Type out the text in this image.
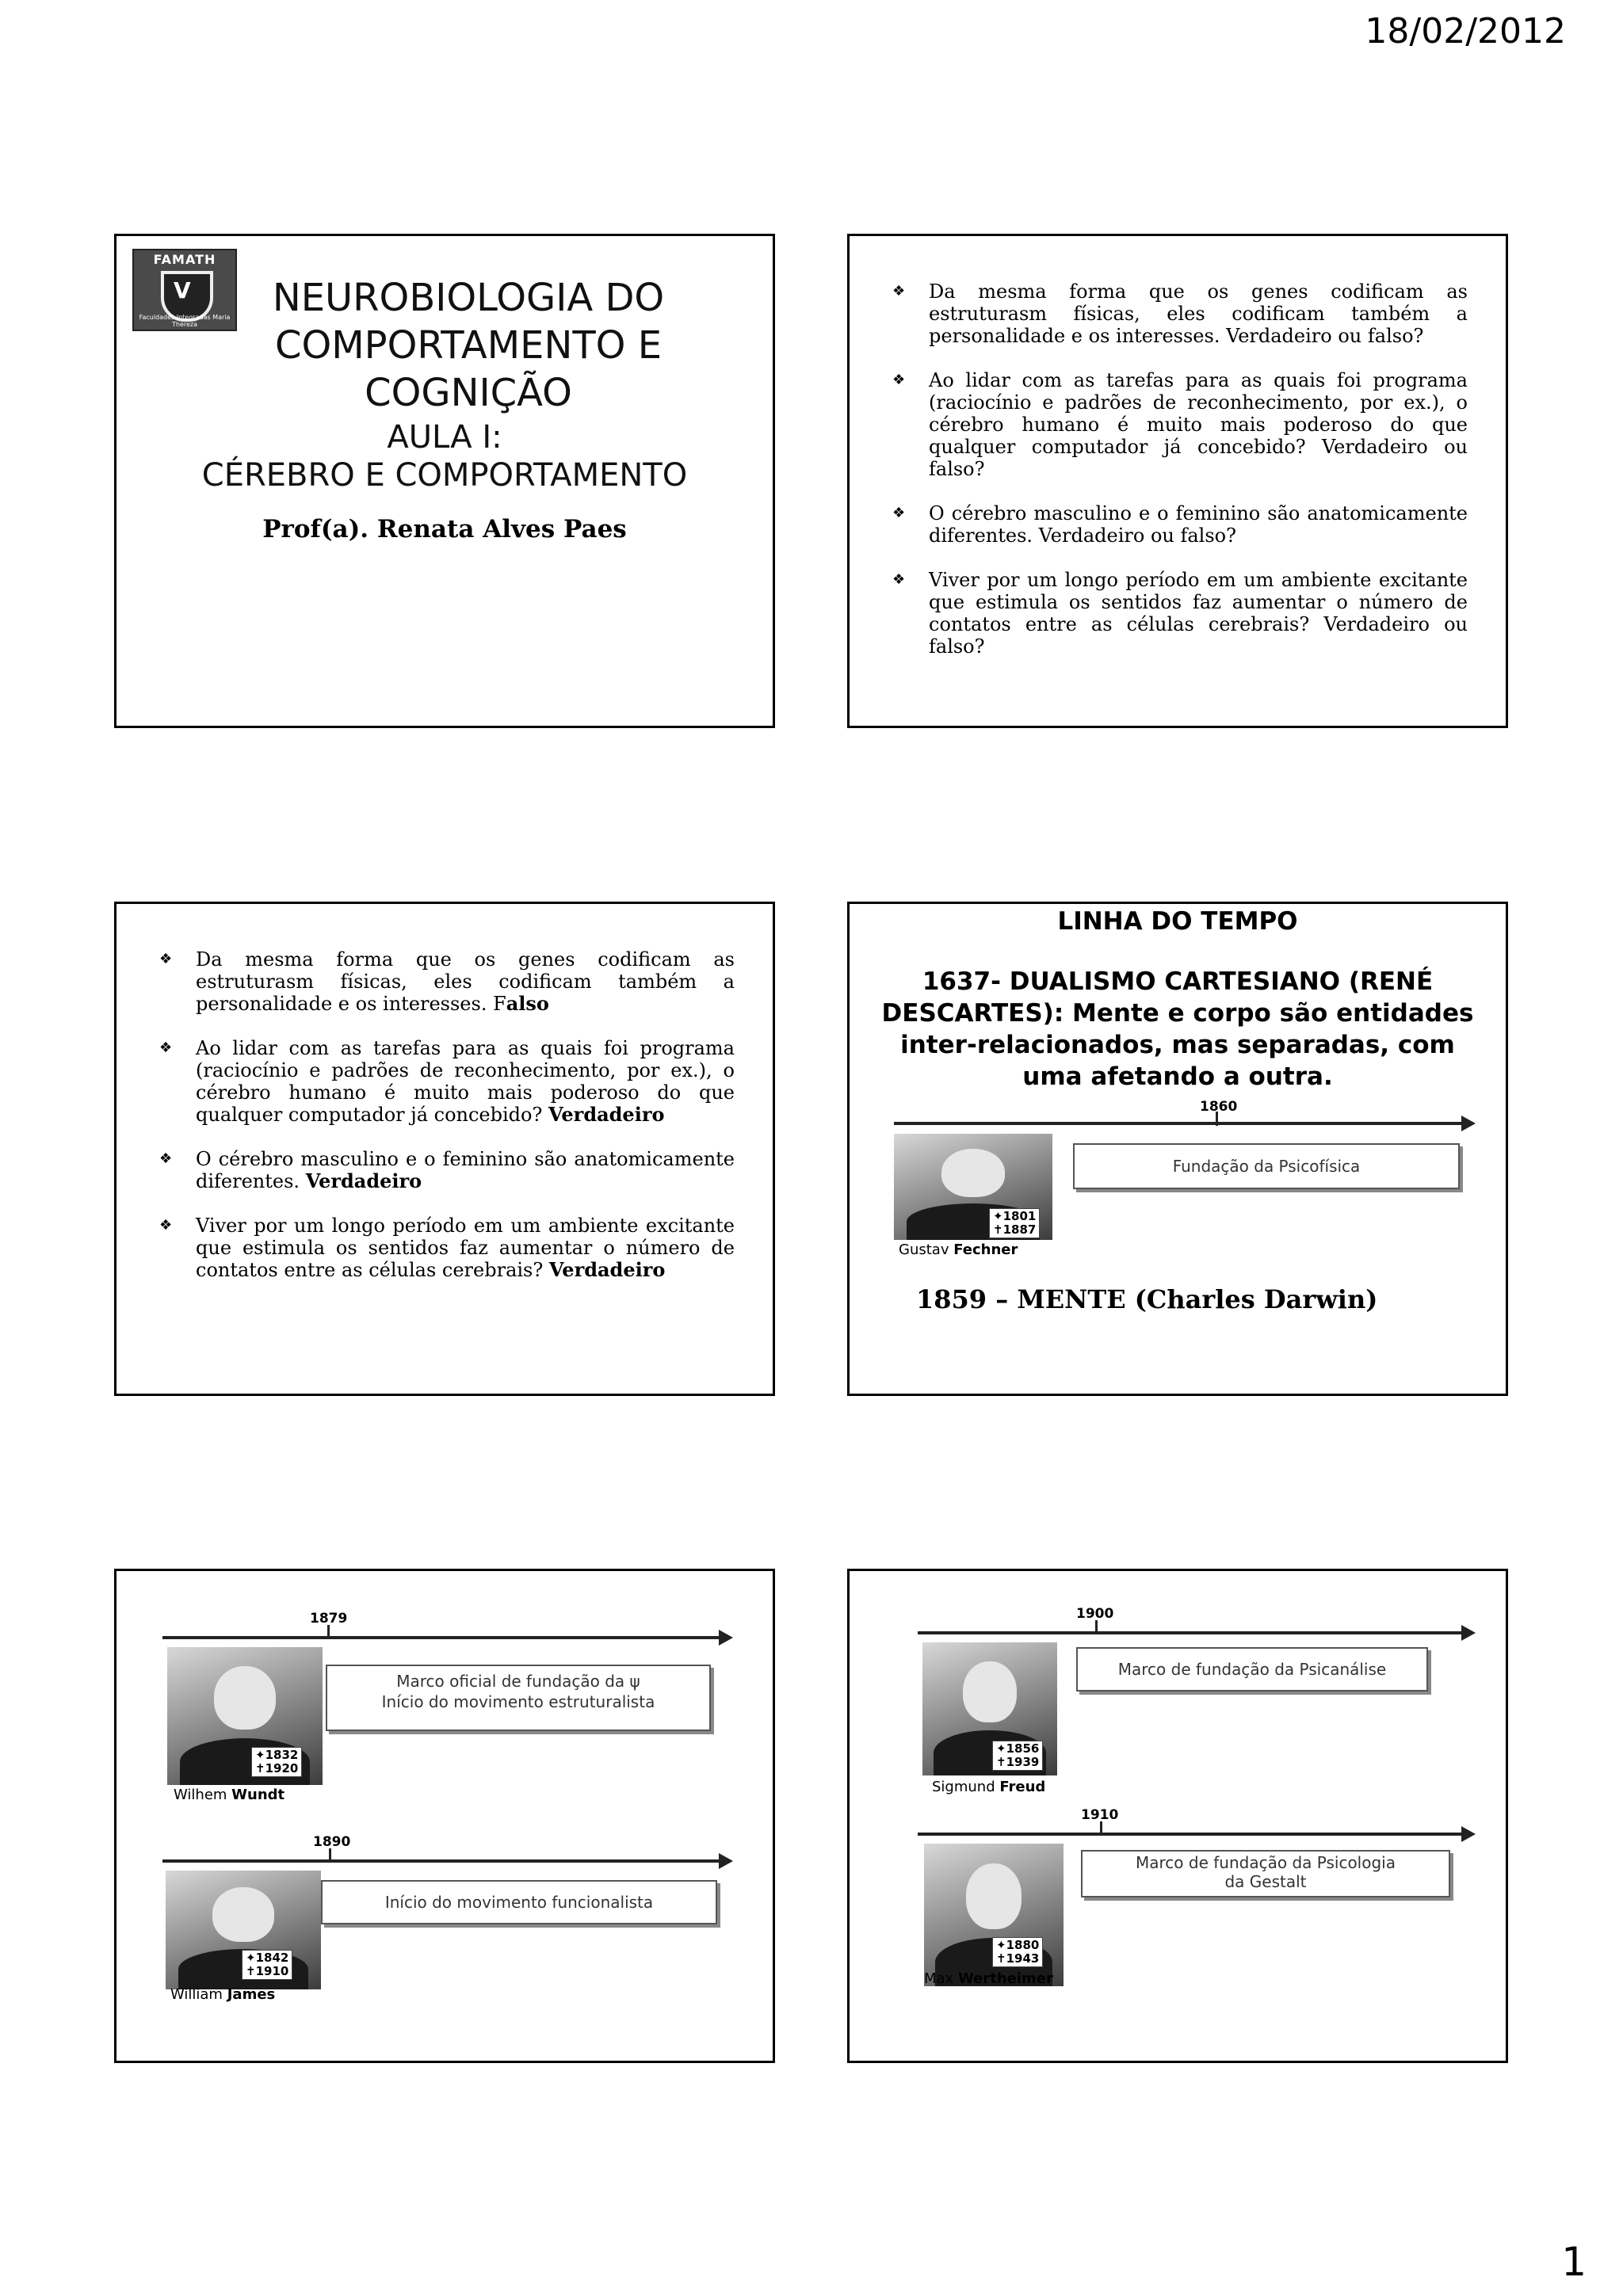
18/02/2012
FAMATH
V
Faculdades Integradas Maria Thereza
NEUROBIOLOGIA DO
COMPORTAMENTO E
COGNIÇÃO
AULA I:
CÉREBRO E COMPORTAMENTO
Prof(a). Renata Alves Paes
❖ Da mesma forma que os genes codificam as estruturasm físicas, eles codificam também a personalidade e os interesses. Verdadeiro ou falso?
❖ Ao lidar com as tarefas para as quais foi programa (raciocínio e padrões de reconhecimento, por ex.), o cérebro humano é muito mais poderoso do que qualquer computador já concebido? Verdadeiro ou falso?
❖ O cérebro masculino e o feminino são anatomicamente diferentes. Verdadeiro ou falso?
❖ Viver por um longo período em um ambiente excitante que estimula os sentidos faz aumentar o número de contatos entre as células cerebrais? Verdadeiro ou falso?
❖ Da mesma forma que os genes codificam as estruturasm físicas, eles codificam também a personalidade e os interesses. Falso
❖ Ao lidar com as tarefas para as quais foi programa (raciocínio e padrões de reconhecimento, por ex.), o cérebro humano é muito mais poderoso do que qualquer computador já concebido? Verdadeiro
❖ O cérebro masculino e o feminino são anatomicamente diferentes. Verdadeiro
❖ Viver por um longo período em um ambiente excitante que estimula os sentidos faz aumentar o número de contatos entre as células cerebrais? Verdadeiro
LINHA DO TEMPO
1637- DUALISMO CARTESIANO (RENÉ DESCARTES): Mente e corpo são entidades inter-relacionados, mas separadas, com uma afetando a outra.
1860
✦1801
✝1887
Gustav Fechner
Fundação da Psicofísica
1859 – MENTE (Charles Darwin)
1879
✦1832
✝1920
Wilhem Wundt
Marco oficial de fundação da ψ
Início do movimento estruturalista
1890
✦1842
✝1910
William James
Início do movimento funcionalista
1900
✦1856
✝1939
Sigmund Freud
Marco de fundação da Psicanálise
1910
✦1880
✝1943
Max Wertheimer
Marco de fundação da Psicologia
da Gestalt
1
